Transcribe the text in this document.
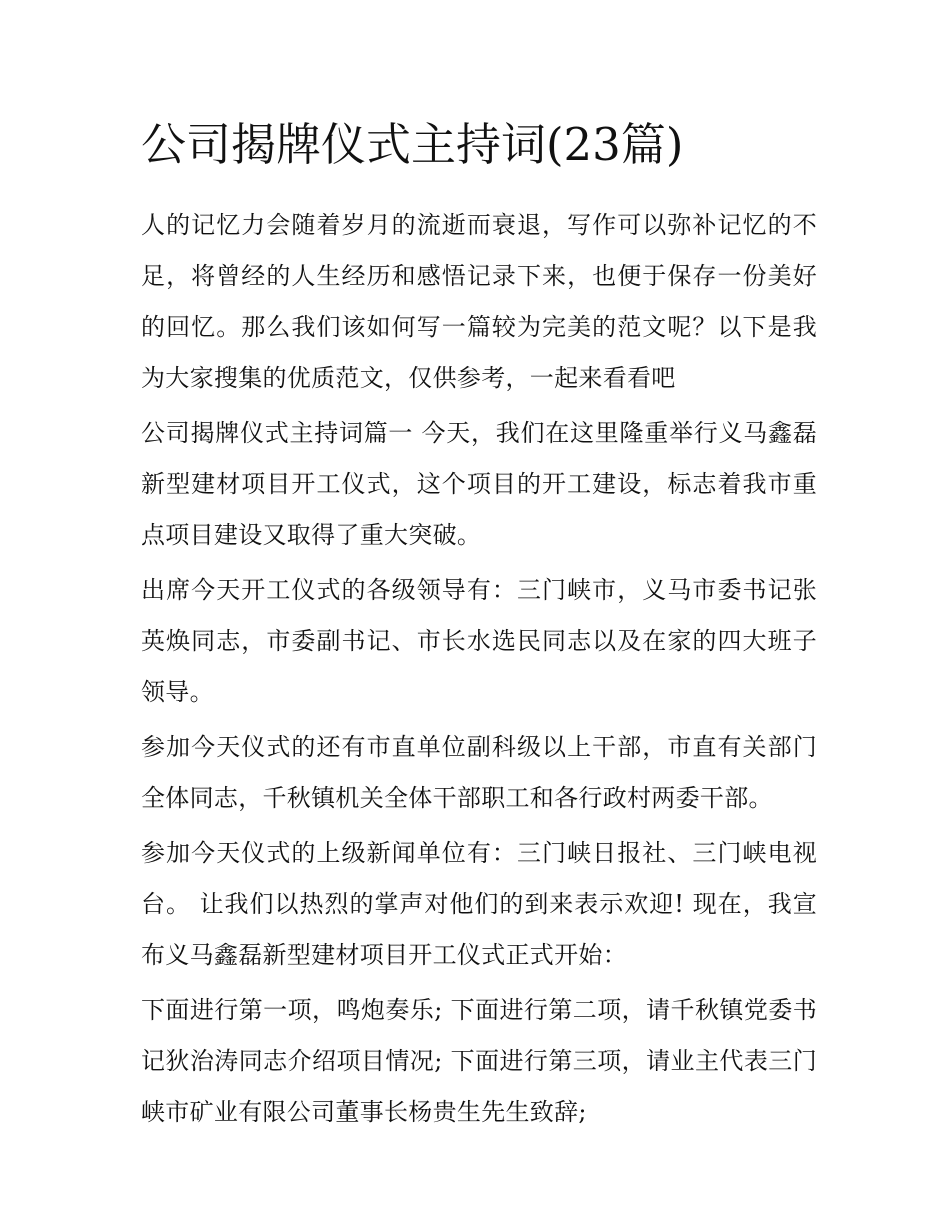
公司揭牌仪式主持词(23篇)

人的记忆力会随着岁月的流逝而衰退，写作可以弥补记忆的不足，将曾经的人生经历和感悟记录下来，也便于保存一份美好的回忆。那么我们该如何写一篇较为完美的范文呢？以下是我为大家搜集的优质范文，仅供参考，一起来看看吧

公司揭牌仪式主持词篇一 今天，我们在这里隆重举行义马鑫磊新型建材项目开工仪式，这个项目的开工建设，标志着我市重点项目建设又取得了重大突破。

出席今天开工仪式的各级领导有：三门峡市，义马市委书记张英焕同志，市委副书记、市长水选民同志以及在家的四大班子领导。

参加今天仪式的还有市直单位副科级以上干部，市直有关部门全体同志，千秋镇机关全体干部职工和各行政村两委干部。

参加今天仪式的上级新闻单位有：三门峡日报社、三门峡电视台。 让我们以热烈的掌声对他们的到来表示欢迎! 现在，我宣布义马鑫磊新型建材项目开工仪式正式开始：

下面进行第一项，鸣炮奏乐; 下面进行第二项，请千秋镇党委书记狄治涛同志介绍项目情况; 下面进行第三项，请业主代表三门峡市矿业有限公司董事长杨贵生先生致辞;
